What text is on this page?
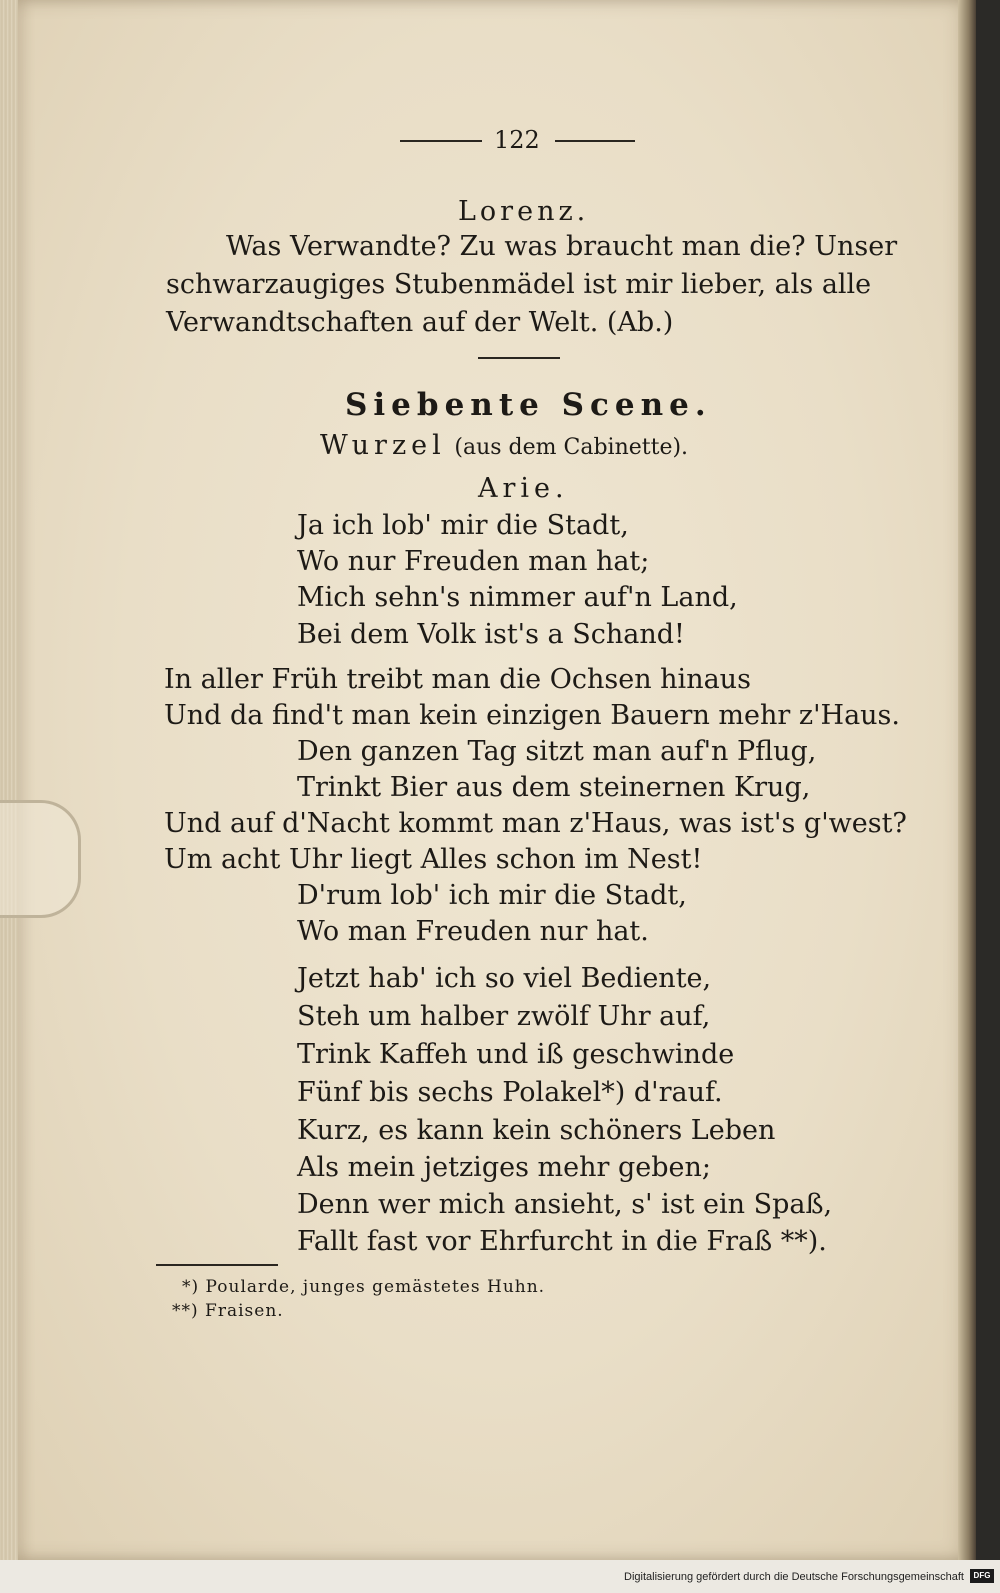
122
Lorenz.
Was Verwandte? Zu was braucht man die? Unser
schwarzaugiges Stubenmädel ist mir lieber, als alle
Verwandtschaften auf der Welt. (Ab.)
Siebente Scene.
Wurzel (aus dem Cabinette).
Arie.
Ja ich lob' mir die Stadt,
Wo nur Freuden man hat;
Mich sehn's nimmer auf'n Land,
Bei dem Volk ist's a Schand!
In aller Früh treibt man die Ochsen hinaus
Und da find't man kein einzigen Bauern mehr z'Haus.
Den ganzen Tag sitzt man auf'n Pflug,
Trinkt Bier aus dem steinernen Krug,
Und auf d'Nacht kommt man z'Haus, was ist's g'west?
Um acht Uhr liegt Alles schon im Nest!
D'rum lob' ich mir die Stadt,
Wo man Freuden nur hat.
Jetzt hab' ich so viel Bediente,
Steh um halber zwölf Uhr auf,
Trink Kaffeh und iß geschwinde
Fünf bis sechs Polakel*) d'rauf.
Kurz, es kann kein schöners Leben
Als mein jetziges mehr geben;
Denn wer mich ansieht, s' ist ein Spaß,
Fallt fast vor Ehrfurcht in die Fraß **).
*) Poularde, junges gemästetes Huhn.
**) Fraisen.
Digitalisierung gefördert durch die Deutsche Forschungsgemeinschaft	DFG
